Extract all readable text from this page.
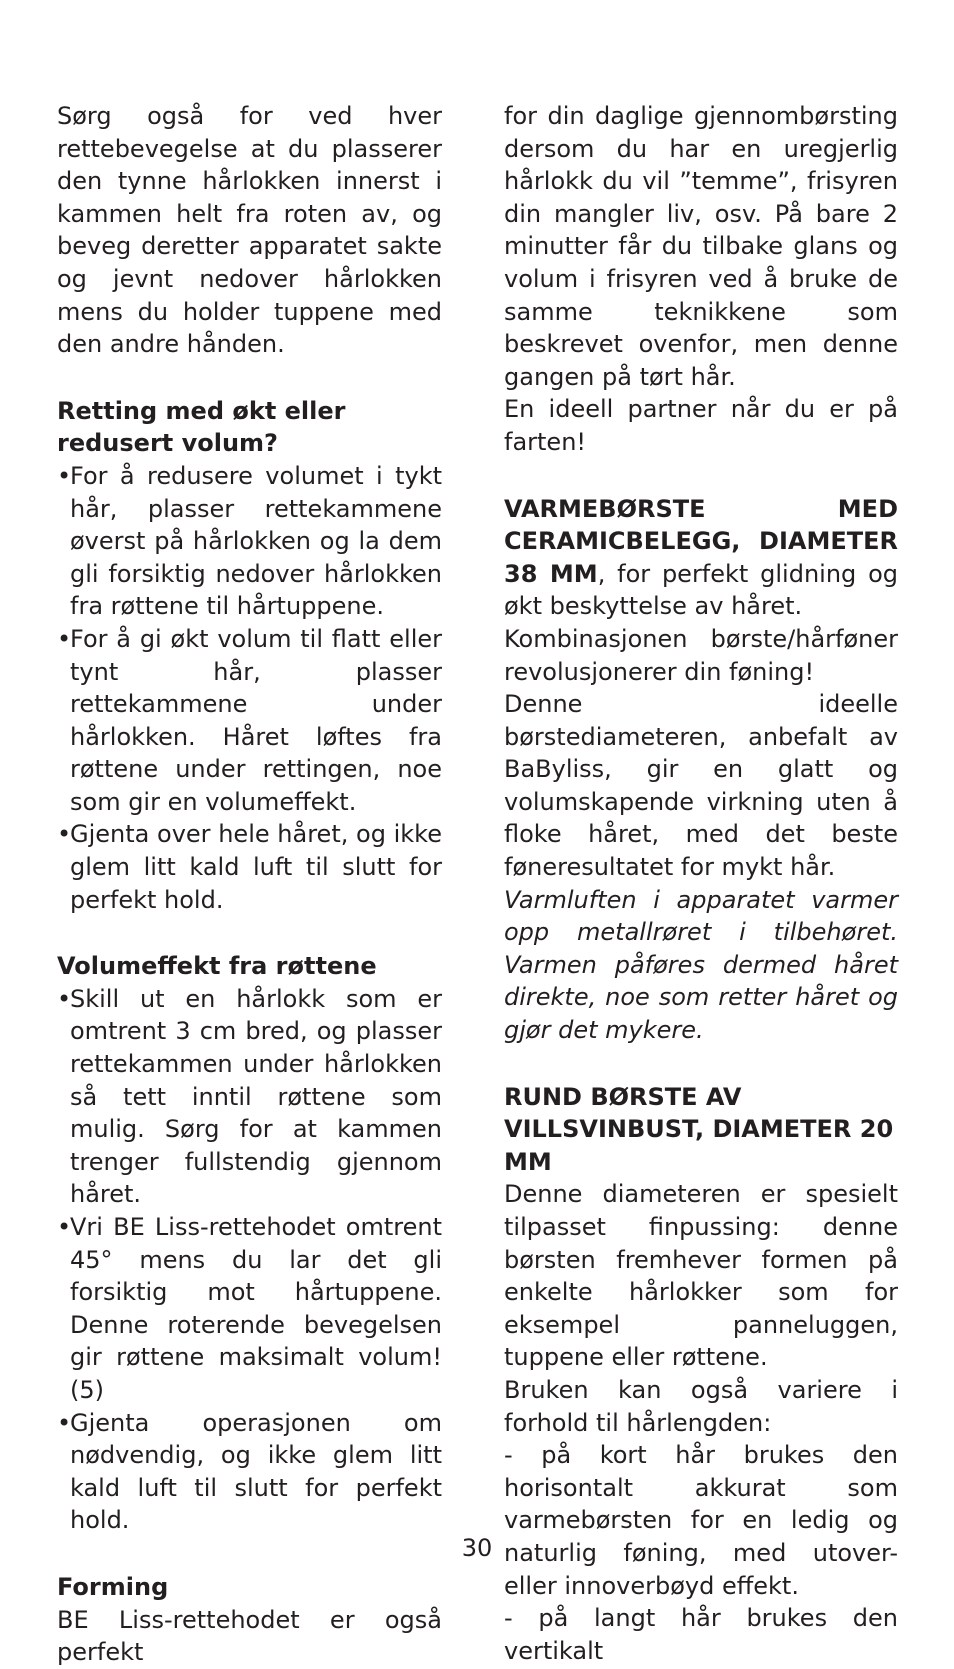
Sørg også for ved hver rettebevegelse at du plasserer den tynne hårlokken innerst i kammen helt fra roten av, og beveg deretter apparatet sakte og jevnt nedover hårlokken mens du holder tuppene med den andre hånden.

Retting med økt eller redusert volum?

•
For å redusere volumet i tykt hår, plasser rettekammene øverst på hårlokken og la dem gli forsiktig nedover hårlokken fra røttene til hårtuppene.
•
For å gi økt volum til flatt eller tynt hår, plasser rettekammene under hårlokken. Håret løftes fra røttene under rettingen, noe som gir en volumeffekt.
•
Gjenta over hele håret, og ikke glem litt kald luft til slutt for perfekt hold.

Volumeffekt fra røttene

•
Skill ut en hårlokk som er omtrent 3 cm bred, og plasser rettekammen under hårlokken så tett inntil røttene som mulig. Sørg for at kammen trenger fullstendig gjennom håret.
•
Vri BE Liss-rettehodet omtrent 45° mens du lar det gli forsiktig mot hårtuppene. Denne roterende bevegelsen gir røttene maksimalt volum! (5)
•
Gjenta operasjonen om nødvendig, og ikke glem litt kald luft til slutt for perfekt hold.

Forming

BE Liss-rettehodet er også perfekt

for din daglige gjennombørsting dersom du har en uregjerlig hårlokk du vil ”temme”, frisyren din mangler liv, osv. På bare 2 minutter får du tilbake glans og volum i frisyren ved å bruke de samme teknikkene som beskrevet ovenfor, men denne gangen på tørt hår.

En ideell partner når du er på farten!

VARMEBØRSTE MED CERAMICBELEGG, DIAMETER 38 MM, for perfekt glidning og økt beskyttelse av håret.

Kombinasjonen børste/hårføner revolusjonerer din føning!

Denne ideelle børstediameteren, anbefalt av BaByliss, gir en glatt og volumskapende virkning uten å floke håret, med det beste føneresultatet for mykt hår.

Varmluften i apparatet varmer opp metallrøret i tilbehøret. Varmen påføres dermed håret direkte, noe som retter håret og gjør det mykere.

RUND BØRSTE AV VILLSVINBUST, DIAMETER 20 MM

Denne diameteren er spesielt tilpasset finpussing: denne børsten fremhever formen på enkelte hårlokker som for eksempel panneluggen, tuppene eller røttene.

Bruken kan også variere i forhold til hårlengden:

- på kort hår brukes den horisontalt akkurat som varmebørsten for en ledig og naturlig føning, med utover- eller innoverbøyd effekt.

- på langt hår brukes den vertikalt

30
